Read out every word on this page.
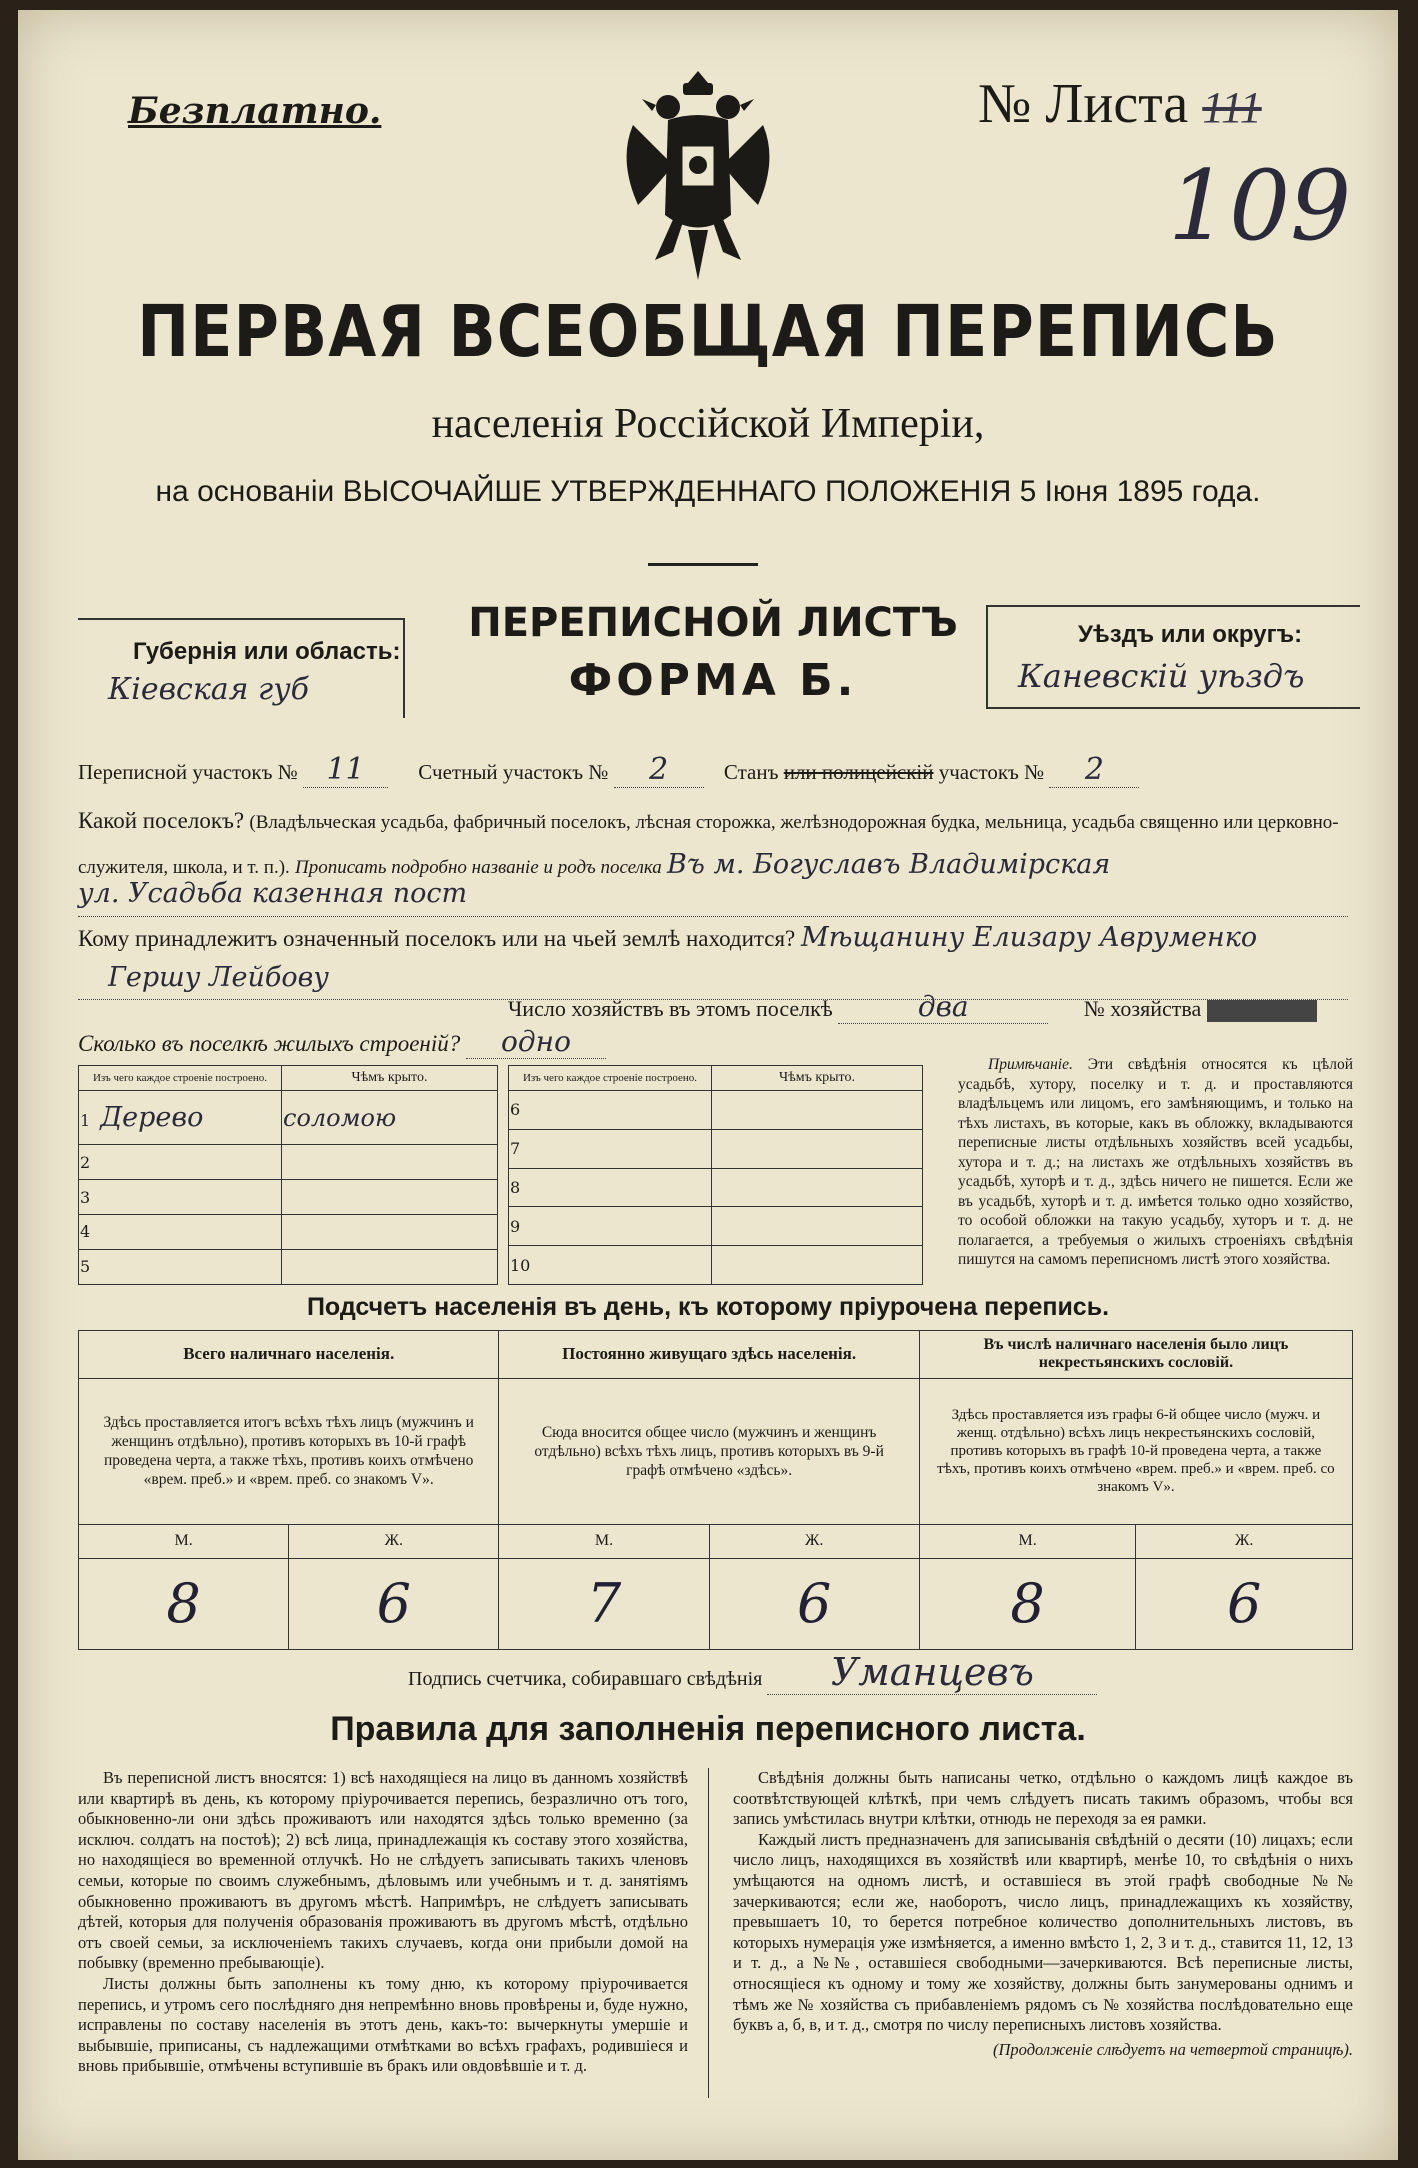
Безплатно.	№ Листа 111
109
ПЕРВАЯ ВСЕОБЩАЯ ПЕРЕПИСЬ
населенія Россійской Имперіи,
на основаніи ВЫСОЧАЙШЕ УТВЕРЖДЕННАГО ПОЛОЖЕНІЯ 5 Іюня 1895 года.
Губернія или область:
Кіевская губ
ПЕРЕПИСНОЙ ЛИСТЪ
ФОРМА Б.
Уѣздъ или округъ:
Каневскій уѣздъ
Переписной участокъ № 11	Счетный участокъ № 2	Станъ или полицейскій участокъ № 2
Какой поселокъ? (Владѣльческая усадьба, фабричный поселокъ, лѣсная сторожка, желѣзнодорожная будка, мельница, усадьба священно или церковно-служителя, школа, и т. п.). Прописать подробно названіе и родъ поселка Въ м. Богуславъ Владимірская
ул. Усадьба казенная пост
Кому принадлежитъ означенный поселокъ или на чьей землѣ находится? Мѣщанину Елизару Авруменко
Гершу Лейбову
Число хозяйствъ въ этомъ поселкѣ	два	№ хозяйства
Сколько въ поселкѣ жилыхъ строеній? одно
Изъ чего каждое строеніе построено.	Чѣмъ крыто.
1 Дерево	соломою
2	
3	
4	
5	
Изъ чего каждое строеніе построено.	Чѣмъ крыто.
6	
7	
8	
9	
10	
Примѣчаніе. Эти свѣдѣнія относятся къ цѣлой усадьбѣ, хутору, поселку и т. д. и проставляются владѣльцемъ или лицомъ, его замѣняющимъ, и только на тѣхъ листахъ, въ которые, какъ въ обложку, вкладываются переписные листы отдѣльныхъ хозяйствъ всей усадьбы, хутора и т. д.; на листахъ же отдѣльныхъ хозяйствъ въ усадьбѣ, хуторѣ и т. д., здѣсь ничего не пишется. Если же въ усадьбѣ, хуторѣ и т. д. имѣется только одно хозяйство, то особой обложки на такую усадьбу, хуторъ и т. д. не полагается, а требуемыя о жилыхъ строеніяхъ свѣдѣнія пишутся на самомъ переписномъ листѣ этого хозяйства.
Подсчетъ населенія въ день, къ которому пріурочена перепись.
Всего наличнаго населенія.		Постоянно живущаго здѣсь населенія.		Въ числѣ наличнаго населенія было лицъ некрестьянскихъ сословій.	
Здѣсь проставляется итогъ всѣхъ тѣхъ лицъ (мужчинъ и женщинъ отдѣльно), противъ которыхъ въ 10-й графѣ проведена черта, а также тѣхъ, противъ коихъ отмѣчено «врем. преб.» и «врем. преб. со знакомъ V».		Сюда вносится общее число (мужчинъ и женщинъ отдѣльно) всѣхъ тѣхъ лицъ, противъ которыхъ въ 9-й графѣ отмѣчено «здѣсь».		Здѣсь проставляется изъ графы 6-й общее число (мужч. и женщ. отдѣльно) всѣхъ лицъ некрестьянскихъ сословій, противъ которыхъ въ графѣ 10-й проведена черта, а также тѣхъ, противъ коихъ отмѣчено «врем. преб.» и «врем. преб. со знакомъ V».	
М.	Ж.	М.	Ж.	М.	Ж.
8	6	7	6	8	6
Подпись счетчика, собиравшаго свѣдѣнія Уманцевъ
Правила для заполненія переписного листа.
Въ переписной листъ вносятся: 1) всѣ находящіеся на лицо въ данномъ хозяйствѣ или квартирѣ въ день, къ которому пріурочивается перепись, безразлично отъ того, обыкновенно-ли они здѣсь проживаютъ или находятся здѣсь только временно (за исключ. солдатъ на постоѣ); 2) всѣ лица, принадлежащія къ составу этого хозяйства, но находящіеся во временной отлучкѣ. Но не слѣдуетъ записывать такихъ членовъ семьи, которые по своимъ служебнымъ, дѣловымъ или учебнымъ и т. д. занятіямъ обыкновенно проживаютъ въ другомъ мѣстѣ. Напримѣръ, не слѣдуетъ записывать дѣтей, которыя для полученія образованія проживаютъ въ другомъ мѣстѣ, отдѣльно отъ своей семьи, за исключеніемъ такихъ случаевъ, когда они прибыли домой на побывку (временно пребывающіе).
Листы должны быть заполнены къ тому дню, къ которому пріурочивается перепись, и утромъ сего послѣдняго дня непремѣнно вновь провѣрены и, буде нужно, исправлены по составу населенія въ этотъ день, какъ-то: вычеркнуты умершіе и выбывшіе, приписаны, съ надлежащими отмѣтками во всѣхъ графахъ, родившіеся и вновь прибывшіе, отмѣчены вступившіе въ бракъ или овдовѣвшіе и т. д.
Свѣдѣнія должны быть написаны четко, отдѣльно о каждомъ лицѣ каждое въ соотвѣтствующей клѣткѣ, при чемъ слѣдуетъ писать такимъ образомъ, чтобы вся запись умѣстилась внутри клѣтки, отнюдь не переходя за ея рамки.
Каждый листъ предназначенъ для записыванія свѣдѣній о десяти (10) лицахъ; если число лицъ, находящихся въ хозяйствѣ или квартирѣ, менѣе 10, то свѣдѣнія о нихъ умѣщаются на одномъ листѣ, и оставшіеся въ этой графѣ свободные №№ зачеркиваются; если же, наоборотъ, число лицъ, принадлежащихъ къ хозяйству, превышаетъ 10, то берется потребное количество дополнительныхъ листовъ, въ которыхъ нумерація уже измѣняется, а именно вмѣсто 1, 2, 3 и т. д., ставится 11, 12, 13 и т. д., а №№, оставшіеся свободными—зачеркиваются. Всѣ переписные листы, относящіеся къ одному и тому же хозяйству, должны быть занумерованы однимъ и тѣмъ же № хозяйства съ прибавленіемъ рядомъ съ № хозяйства послѣдовательно еще буквъ а, б, в, и т. д., смотря по числу переписныхъ листовъ хозяйства.
(Продолженіе слѣдуетъ на четвертой страницѣ).
